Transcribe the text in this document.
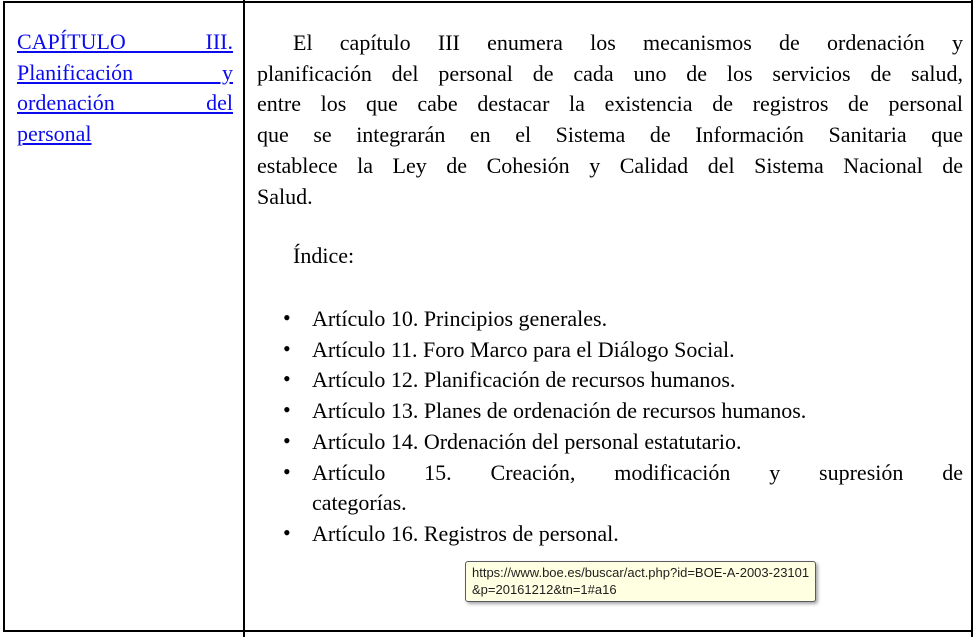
CAPÍTULO III.
Planificación y
ordenación del
personal
El capítulo III enumera los mecanismos de ordenación y
planificación del personal de cada uno de los servicios de salud,
entre los que cabe destacar la existencia de registros de personal
que se integrarán en el Sistema de Información Sanitaria que
establece la Ley de Cohesión y Calidad del Sistema Nacional de
Salud.
Índice:
• Artículo 10. Principios generales.
• Artículo 11. Foro Marco para el Diálogo Social.
• Artículo 12. Planificación de recursos humanos.
• Artículo 13. Planes de ordenación de recursos humanos.
• Artículo 14. Ordenación del personal estatutario.
• Artículo 15. Creación, modificación y supresión de
categorías.
• Artículo 16. Registros de personal.
https://www.boe.es/buscar/act.php?id=BOE-A-2003-23101
&p=20161212&tn=1#a16
